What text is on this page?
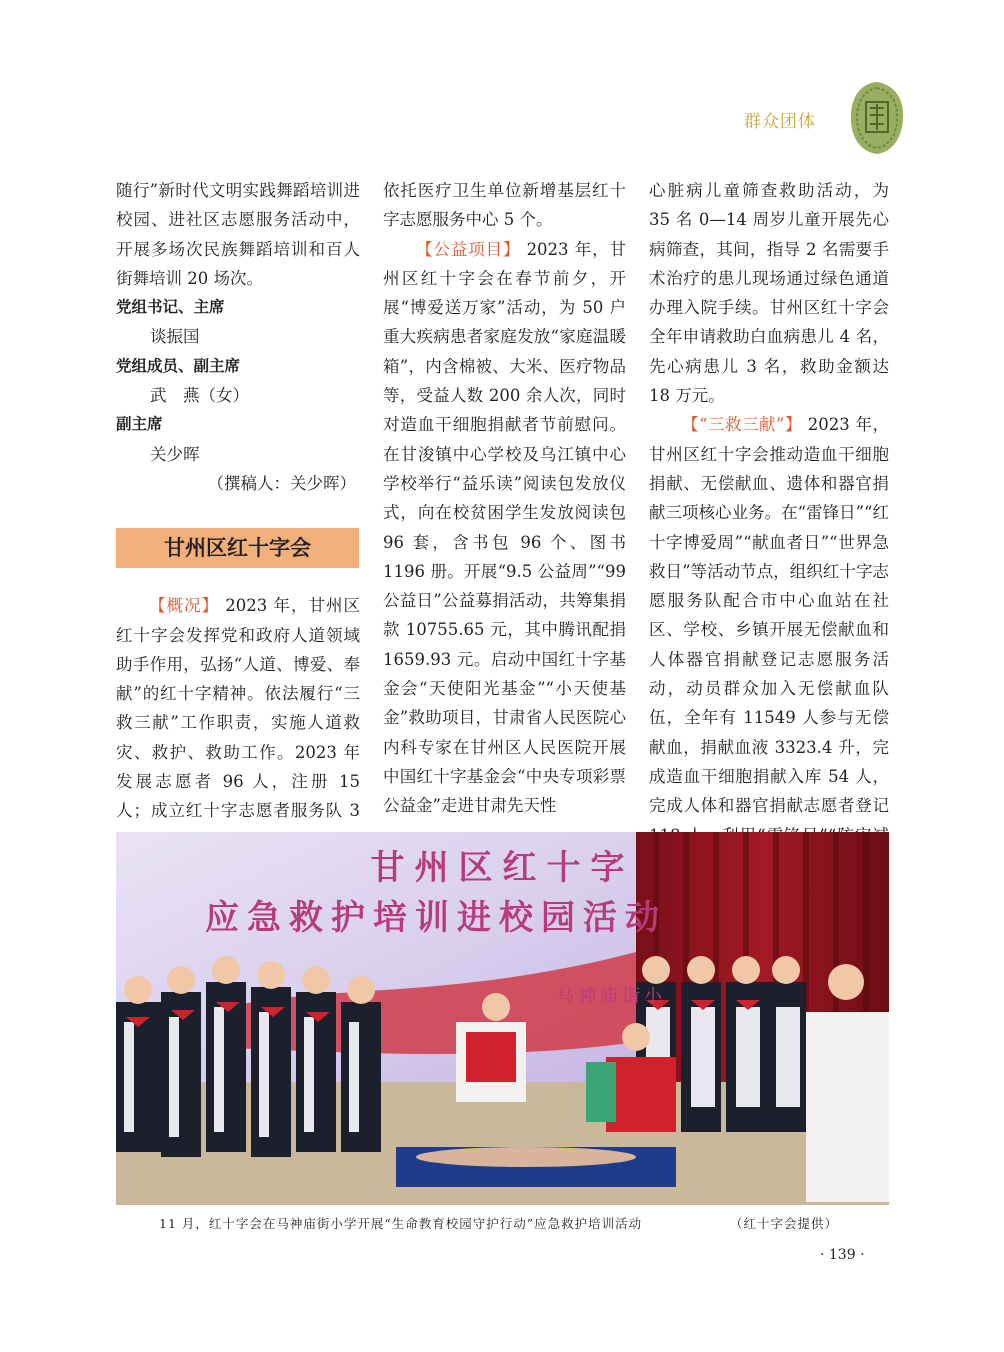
群众团体

随行”新时代文明实践舞蹈培训进校园、进社区志愿服务活动中，开展多场次民族舞蹈培训和百人街舞培训 20 场次。

党组书记、主席

谈振国

党组成员、副主席

武　燕（女）

副主席

关少晖

（撰稿人：关少晖）

甘州区红十字会

【概况】 2023 年，甘州区红十字会发挥党和政府人道领域助手作用，弘扬“人道、博爱、奉献”的红十字精神。依法履行“三救三献”工作职责，实施人道救灾、救护、救助工作。2023 年发展志愿者 96 人，注册 15 人；成立红十字志愿者服务队 3

依托医疗卫生单位新增基层红十字志愿服务中心 5 个。

【公益项目】 2023 年，甘州区红十字会在春节前夕，开展“博爱送万家”活动，为 50 户重大疾病患者家庭发放“家庭温暖箱”，内含棉被、大米、医疗物品等，受益人数 200 余人次，同时对造血干细胞捐献者节前慰问。在甘浚镇中心学校及乌江镇中心学校举行“益乐读”阅读包发放仪式，向在校贫困学生发放阅读包 96 套，含书包 96 个、图书 1196 册。开展“9.5 公益周”“99 公益日”公益募捐活动，共筹集捐款 10755.65 元，其中腾讯配捐 1659.93 元。启动中国红十字基金会“天使阳光基金”“小天使基金”救助项目，甘肃省人民医院心内科专家在甘州区人民医院开展中国红十字基金会“中央专项彩票公益金”走进甘肃先天性

心脏病儿童筛查救助活动，为 35 名 0—14 周岁儿童开展先心病筛查，其间，指导 2 名需要手术治疗的患儿现场通过绿色通道办理入院手续。甘州区红十字会全年申请救助白血病患儿 4 名，先心病患儿 3 名，救助金额达 18 万元。

【“三救三献”】 2023 年，甘州区红十字会推动造血干细胞捐献、无偿献血、遗体和器官捐献三项核心业务。在“雷锋日”“红十字博爱周”“献血者日”“世界急救日”等活动节点，组织红十字志愿服务队配合市中心血站在社区、学校、乡镇开展无偿献血和人体器官捐献登记志愿服务活动，动员群众加入无偿献血队伍，全年有 11549 人参与无偿献血，捐献血液 3323.4 升，完成造血干细胞捐献入库 54 人，完成人体和器官捐献志愿者登记

甘州区红十字
应急救护培训进校园活动
马神庙街小
11 月，红十字会在马神庙街小学开展“生命教育校园守护行动”应急救护培训活动	（红十字会提供）
· 139 ·
